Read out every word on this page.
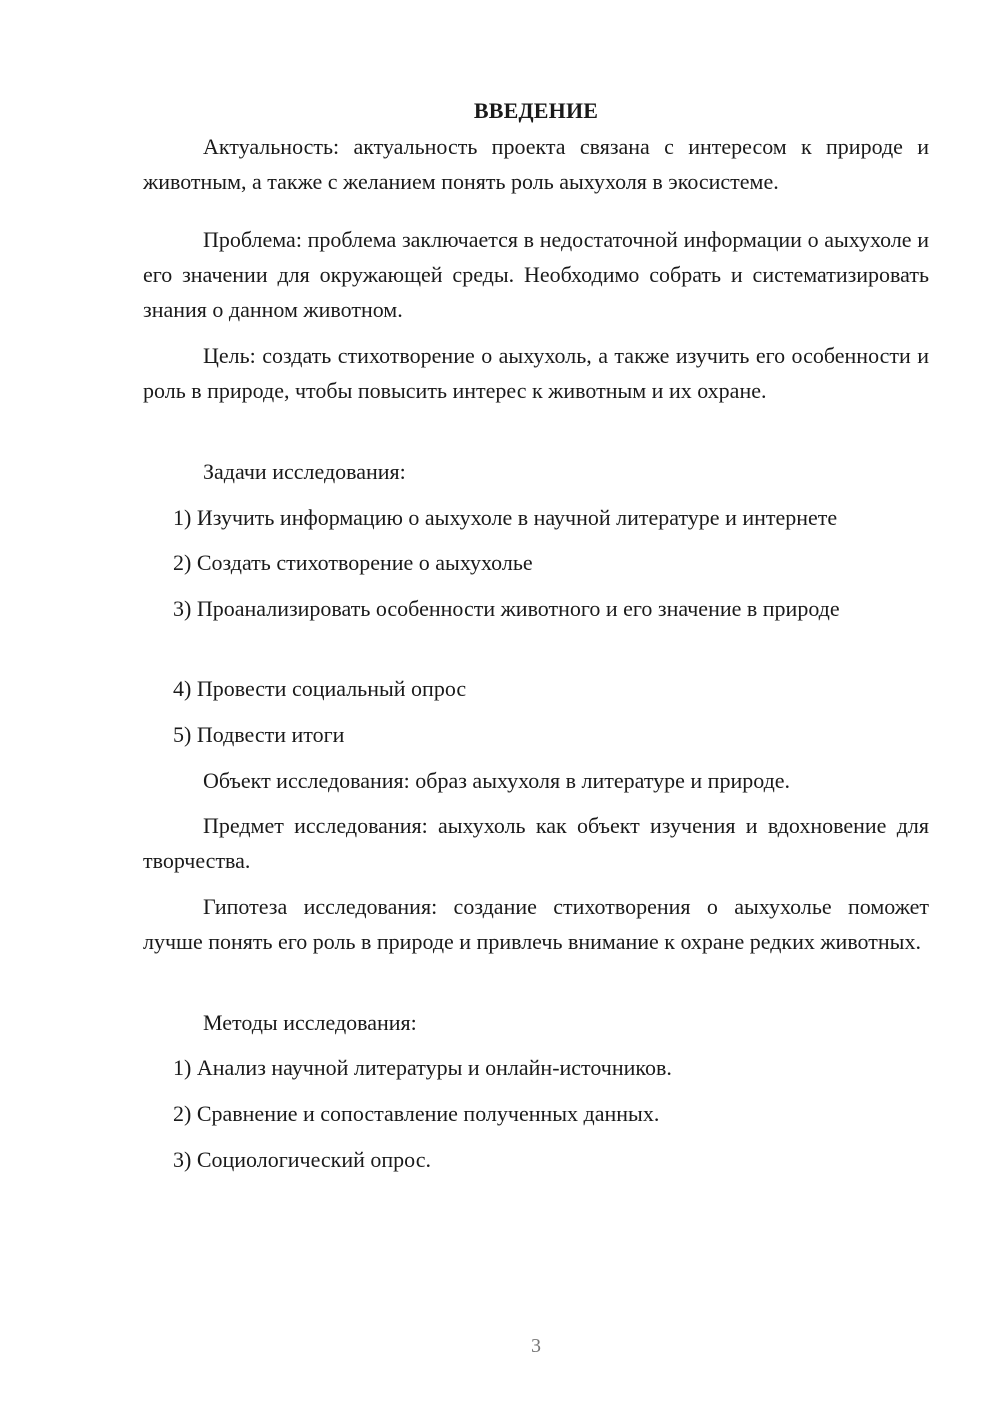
ВВЕДЕНИЕ

Актуальность: актуальность проекта связана с интересом к природе и животным, а также с желанием понять роль аыхухоля в экосистеме.

Проблема: проблема заключается в недостаточной информации о аыхухоле и его значении для окружающей среды. Необходимо собрать и систематизировать знания о данном животном.

Цель: создать стихотворение о аыхухоль, а также изучить его особенности и роль в природе, чтобы повысить интерес к животным и их охране.

Задачи исследования:

1) Изучить информацию о аыхухоле в научной литературе и интернете

2) Создать стихотворение о аыхухолье

3) Проанализировать особенности животного и его значение в природе

4) Провести социальный опрос

5) Подвести итоги

Объект исследования: образ аыхухоля в литературе и природе.

Предмет исследования: аыхухоль как объект изучения и вдохновение для творчества.

Гипотеза исследования: создание стихотворения о аыхухолье поможет лучше понять его роль в природе и привлечь внимание к охране редких животных.

Методы исследования:

1) Анализ научной литературы и онлайн-источников.

2) Сравнение и сопоставление полученных данных.

3) Социологический опрос.

3
